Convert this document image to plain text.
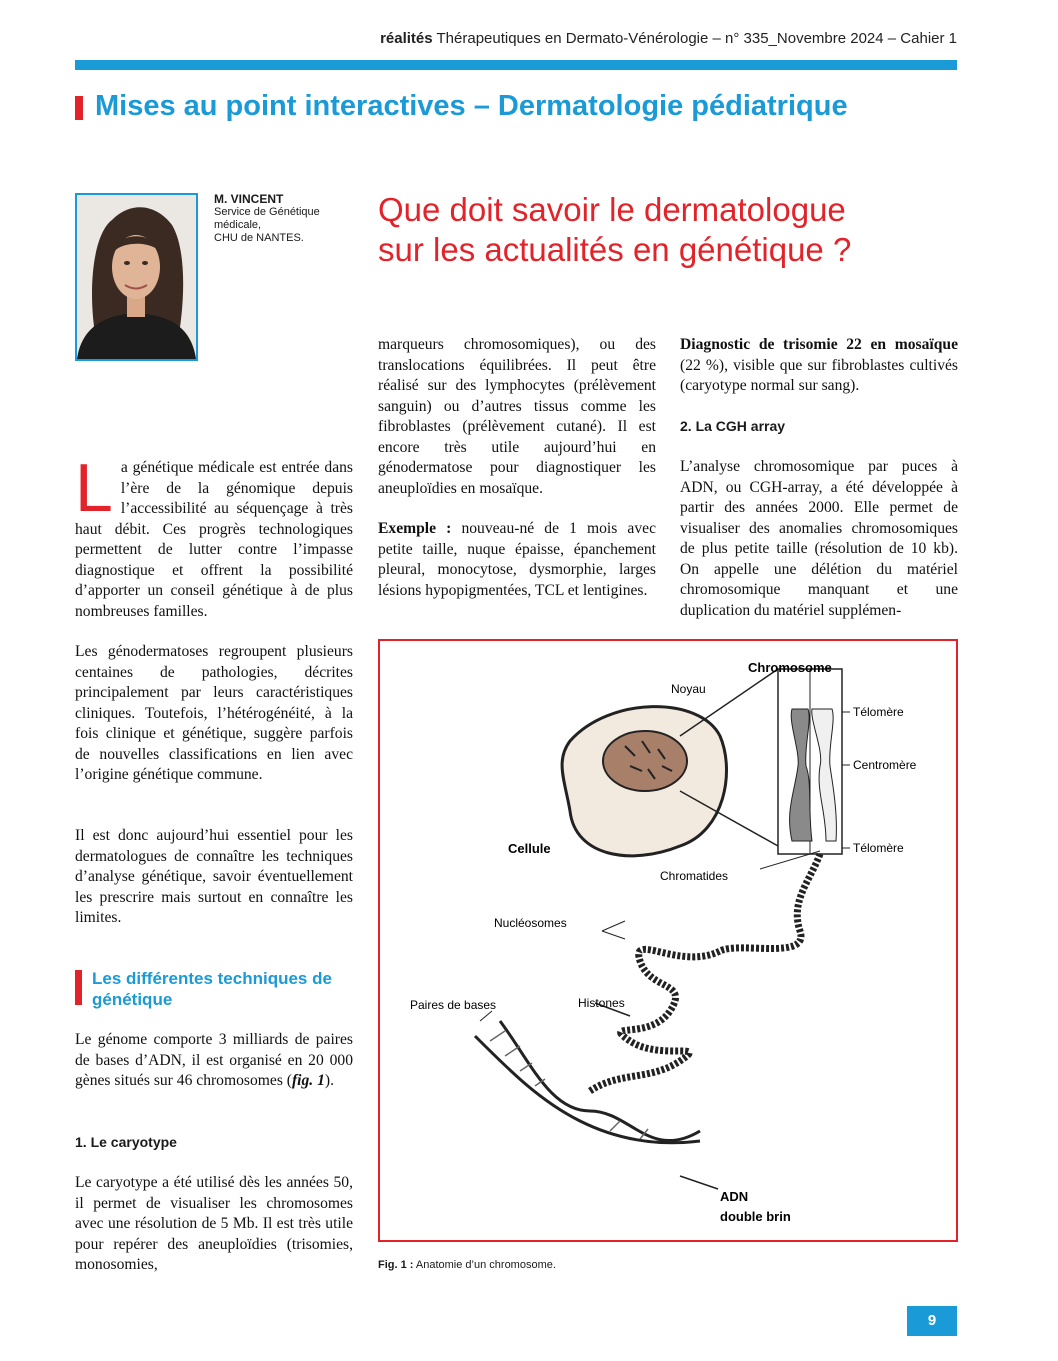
réalités Thérapeutiques en Dermato-Vénérologie – n° 335_Novembre 2024 – Cahier 1
Mises au point interactives – Dermatologie pédiatrique
M. VINCENT
Service de Génétique
médicale,
CHU de NANTES.
Que doit savoir le dermatologue
sur les actualités en génétique ?
La génétique médicale est entrée dans l’ère de la génomique depuis l’accessibilité au séquençage à très haut débit. Ces progrès technologiques permettent de lutter contre l’impasse diagnostique et offrent la possibilité d’apporter un conseil génétique à de plus nombreuses familles.
Les génodermatoses regroupent plusieurs centaines de pathologies, décrites principalement par leurs caractéristiques cliniques. Toutefois, l’hétérogénéité, à la fois clinique et génétique, suggère parfois de nouvelles classifications en lien avec l’origine génétique commune.
Il est donc aujourd’hui essentiel pour les dermatologues de connaître les techniques d’analyse génétique, savoir éventuellement les prescrire mais surtout en connaître les limites.
Les différentes techniques de génétique
Le génome comporte 3 milliards de paires de bases d’ADN, il est organisé en 20 000 gènes situés sur 46 chromosomes (fig. 1).
1. Le caryotype
Le caryotype a été utilisé dès les années 50, il permet de visualiser les chromosomes avec une résolution de 5 Mb. Il est très utile pour repérer des aneuploïdies (trisomies, monosomies,
marqueurs chromosomiques), ou des translocations équilibrées. Il peut être réalisé sur des lymphocytes (prélèvement sanguin) ou d’autres tissus comme les fibroblastes (prélèvement cutané). Il est encore très utile aujourd’hui en génodermatose pour diagnostiquer les aneuploïdies en mosaïque.
Exemple : nouveau-né de 1 mois avec petite taille, nuque épaisse, épanchement pleural, monocytose, dysmorphie, larges lésions hypopigmentées, TCL et lentigines.
Diagnostic de trisomie 22 en mosaïque (22 %), visible que sur fibroblastes cultivés (caryotype normal sur sang).
2. La CGH array
L’analyse chromosomique par puces à ADN, ou CGH-array, a été développée à partir des années 2000. Elle permet de visualiser des anomalies chromosomiques de plus petite taille (résolution de 10 kb). On appelle une délétion du matériel chromosomique manquant et une duplication du matériel supplémen-
Chromosome
Noyau
Télomère
Centromère
Télomère
Cellule
Chromatides
Nucléosomes
Histones
Paires de bases
ADN
double brin
Fig. 1 : Anatomie d’un chromosome.
9
